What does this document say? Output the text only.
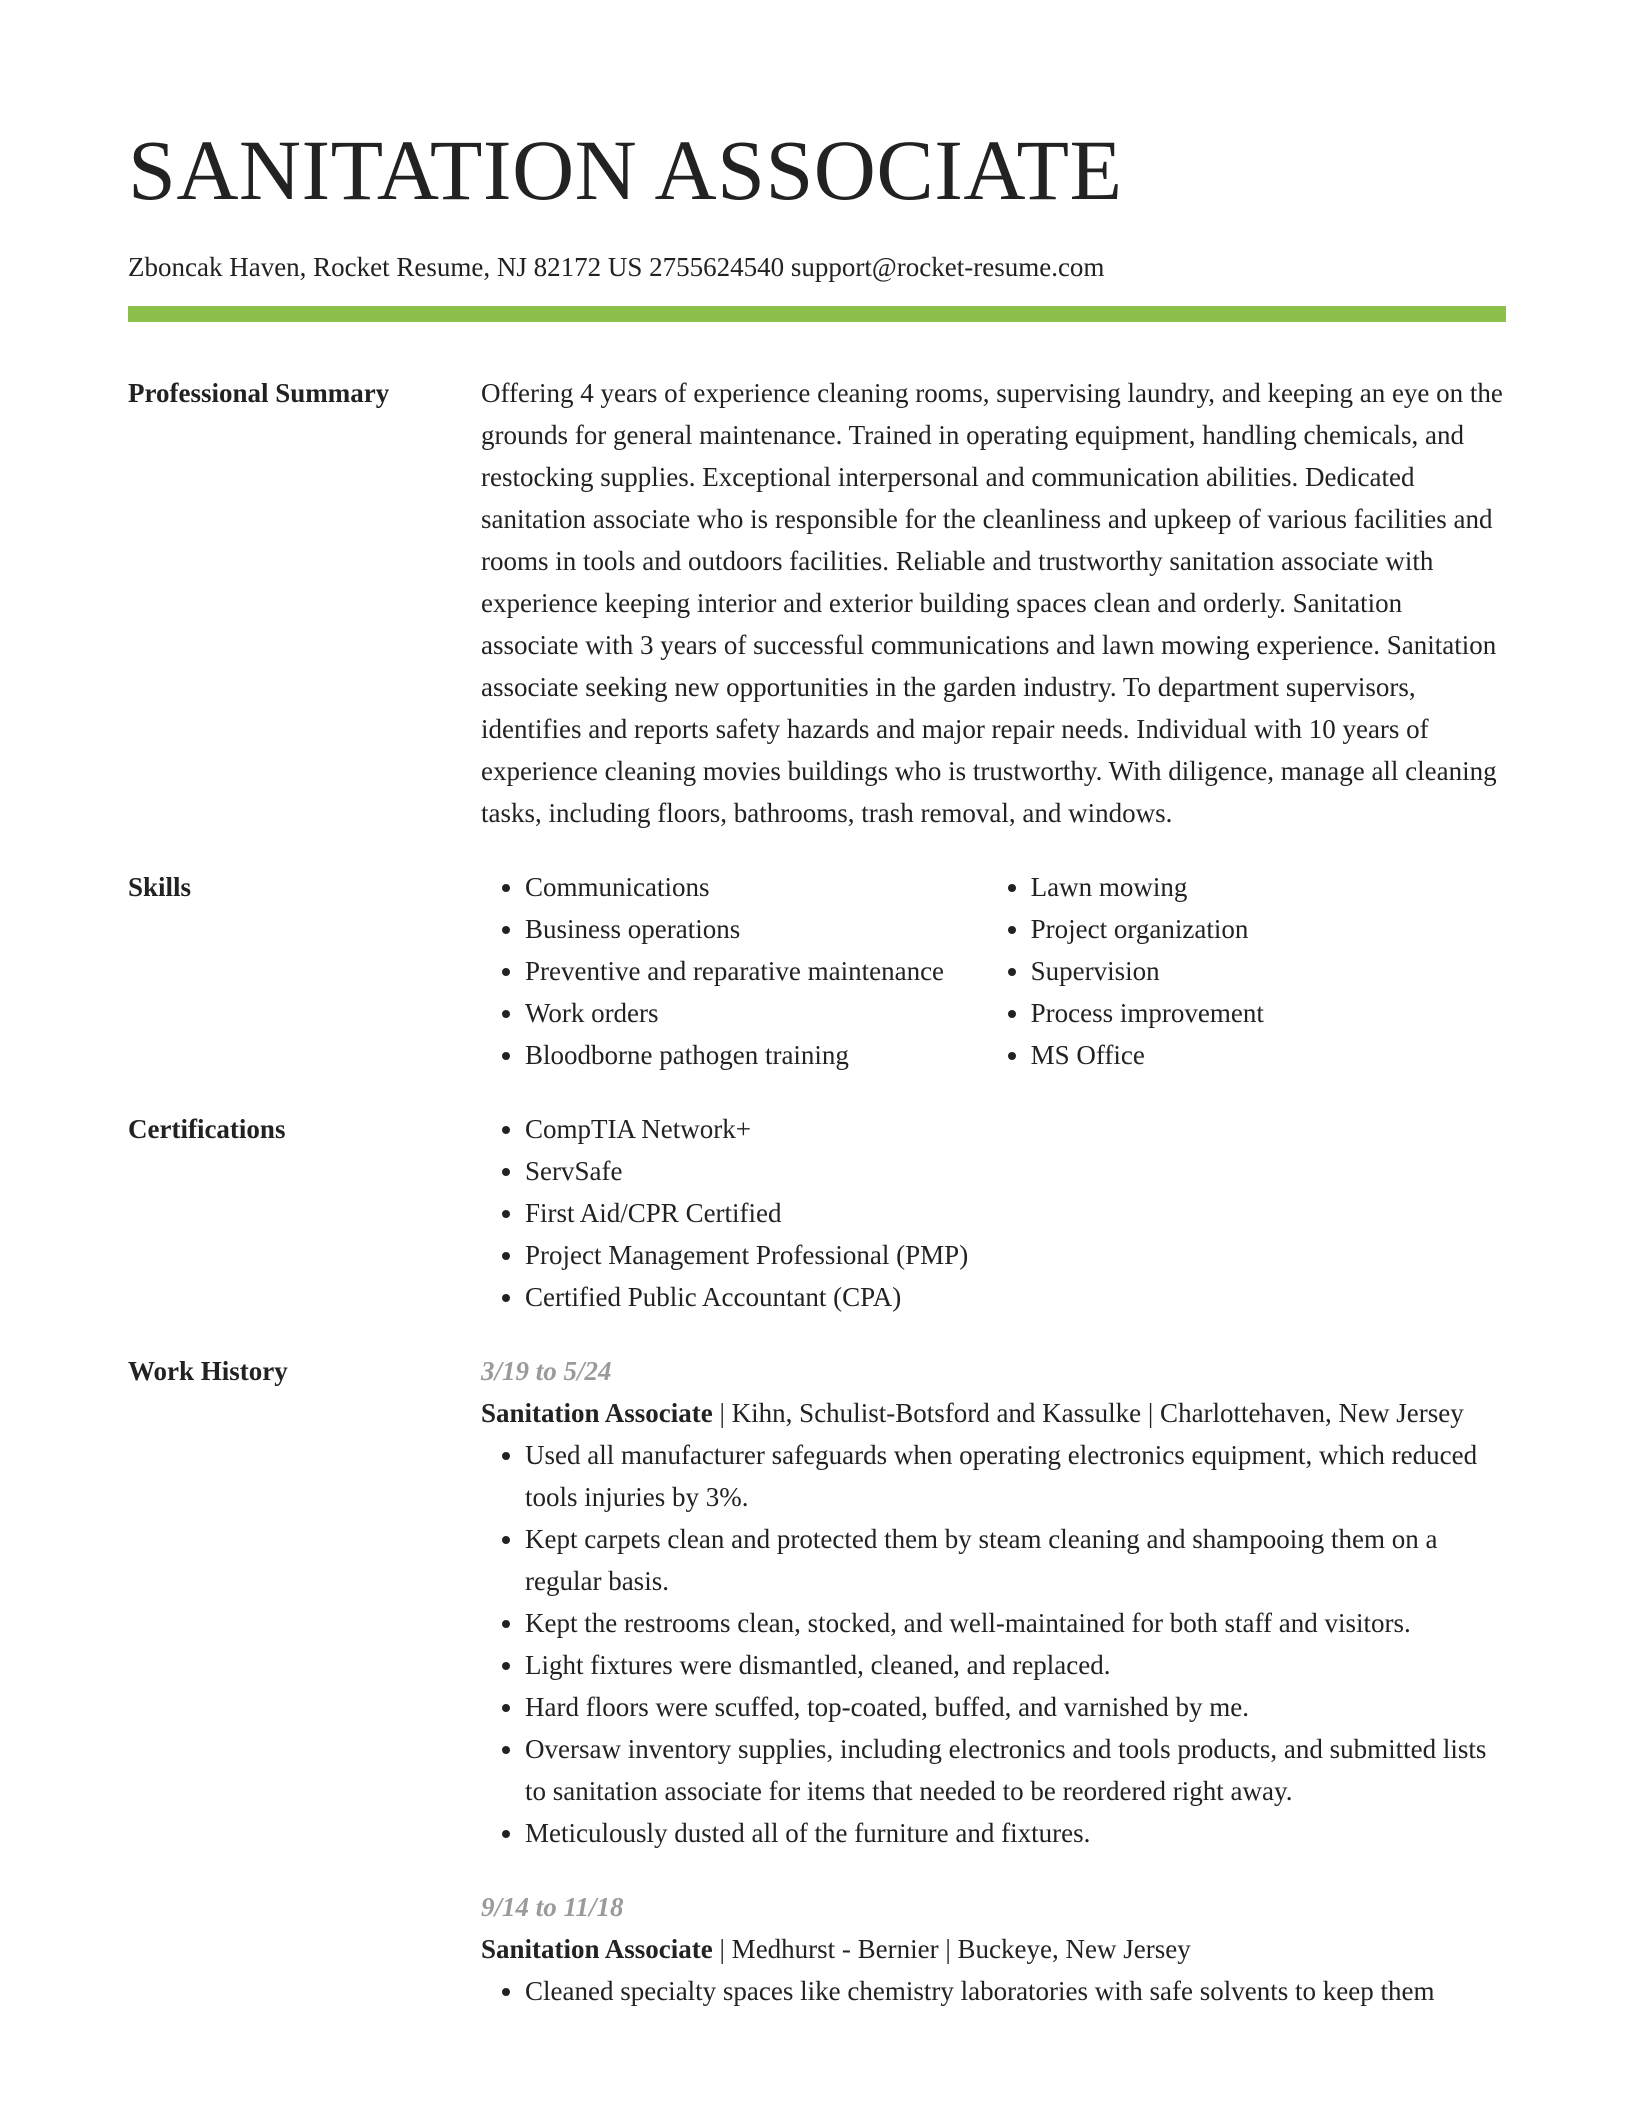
SANITATION ASSOCIATE
Zboncak Haven, Rocket Resume, NJ 82172 US 2755624540 support@rocket-resume.com
Professional Summary	Offering 4 years of experience cleaning rooms, supervising laundry, and keeping an eye on the grounds for general maintenance. Trained in operating equipment, handling chemicals, and restocking supplies. Exceptional interpersonal and communication abilities. Dedicated sanitation associate who is responsible for the cleanliness and upkeep of various facilities and rooms in tools and outdoors facilities. Reliable and trustworthy sanitation associate with experience keeping interior and exterior building spaces clean and orderly. Sanitation associate with 3 years of successful communications and lawn mowing experience. Sanitation associate seeking new opportunities in the garden industry. To department supervisors, identifies and reports safety hazards and major repair needs. Individual with 10 years of experience cleaning movies buildings who is trustworthy. With diligence, manage all cleaning tasks, including floors, bathrooms, trash removal, and windows.
Skills	• Communications
• Business operations
• Preventive and reparative maintenance
• Work orders
• Bloodborne pathogen training
• Lawn mowing
• Project organization
• Supervision
• Process improvement
• MS Office
Certifications	• CompTIA Network+
• ServSafe
• First Aid/CPR Certified
• Project Management Professional (PMP)
• Certified Public Accountant (CPA)
Work History	3/19 to 5/24
Sanitation Associate | Kihn, Schulist-Botsford and Kassulke | Charlottehaven, New Jersey
• Used all manufacturer safeguards when operating electronics equipment, which reduced tools injuries by 3%.
• Kept carpets clean and protected them by steam cleaning and shampooing them on a regular basis.
• Kept the restrooms clean, stocked, and well-maintained for both staff and visitors.
• Light fixtures were dismantled, cleaned, and replaced.
• Hard floors were scuffed, top-coated, buffed, and varnished by me.
• Oversaw inventory supplies, including electronics and tools products, and submitted lists to sanitation associate for items that needed to be reordered right away.
• Meticulously dusted all of the furniture and fixtures.
9/14 to 11/18
Sanitation Associate | Medhurst - Bernier | Buckeye, New Jersey
• Cleaned specialty spaces like chemistry laboratories with safe solvents to keep them
